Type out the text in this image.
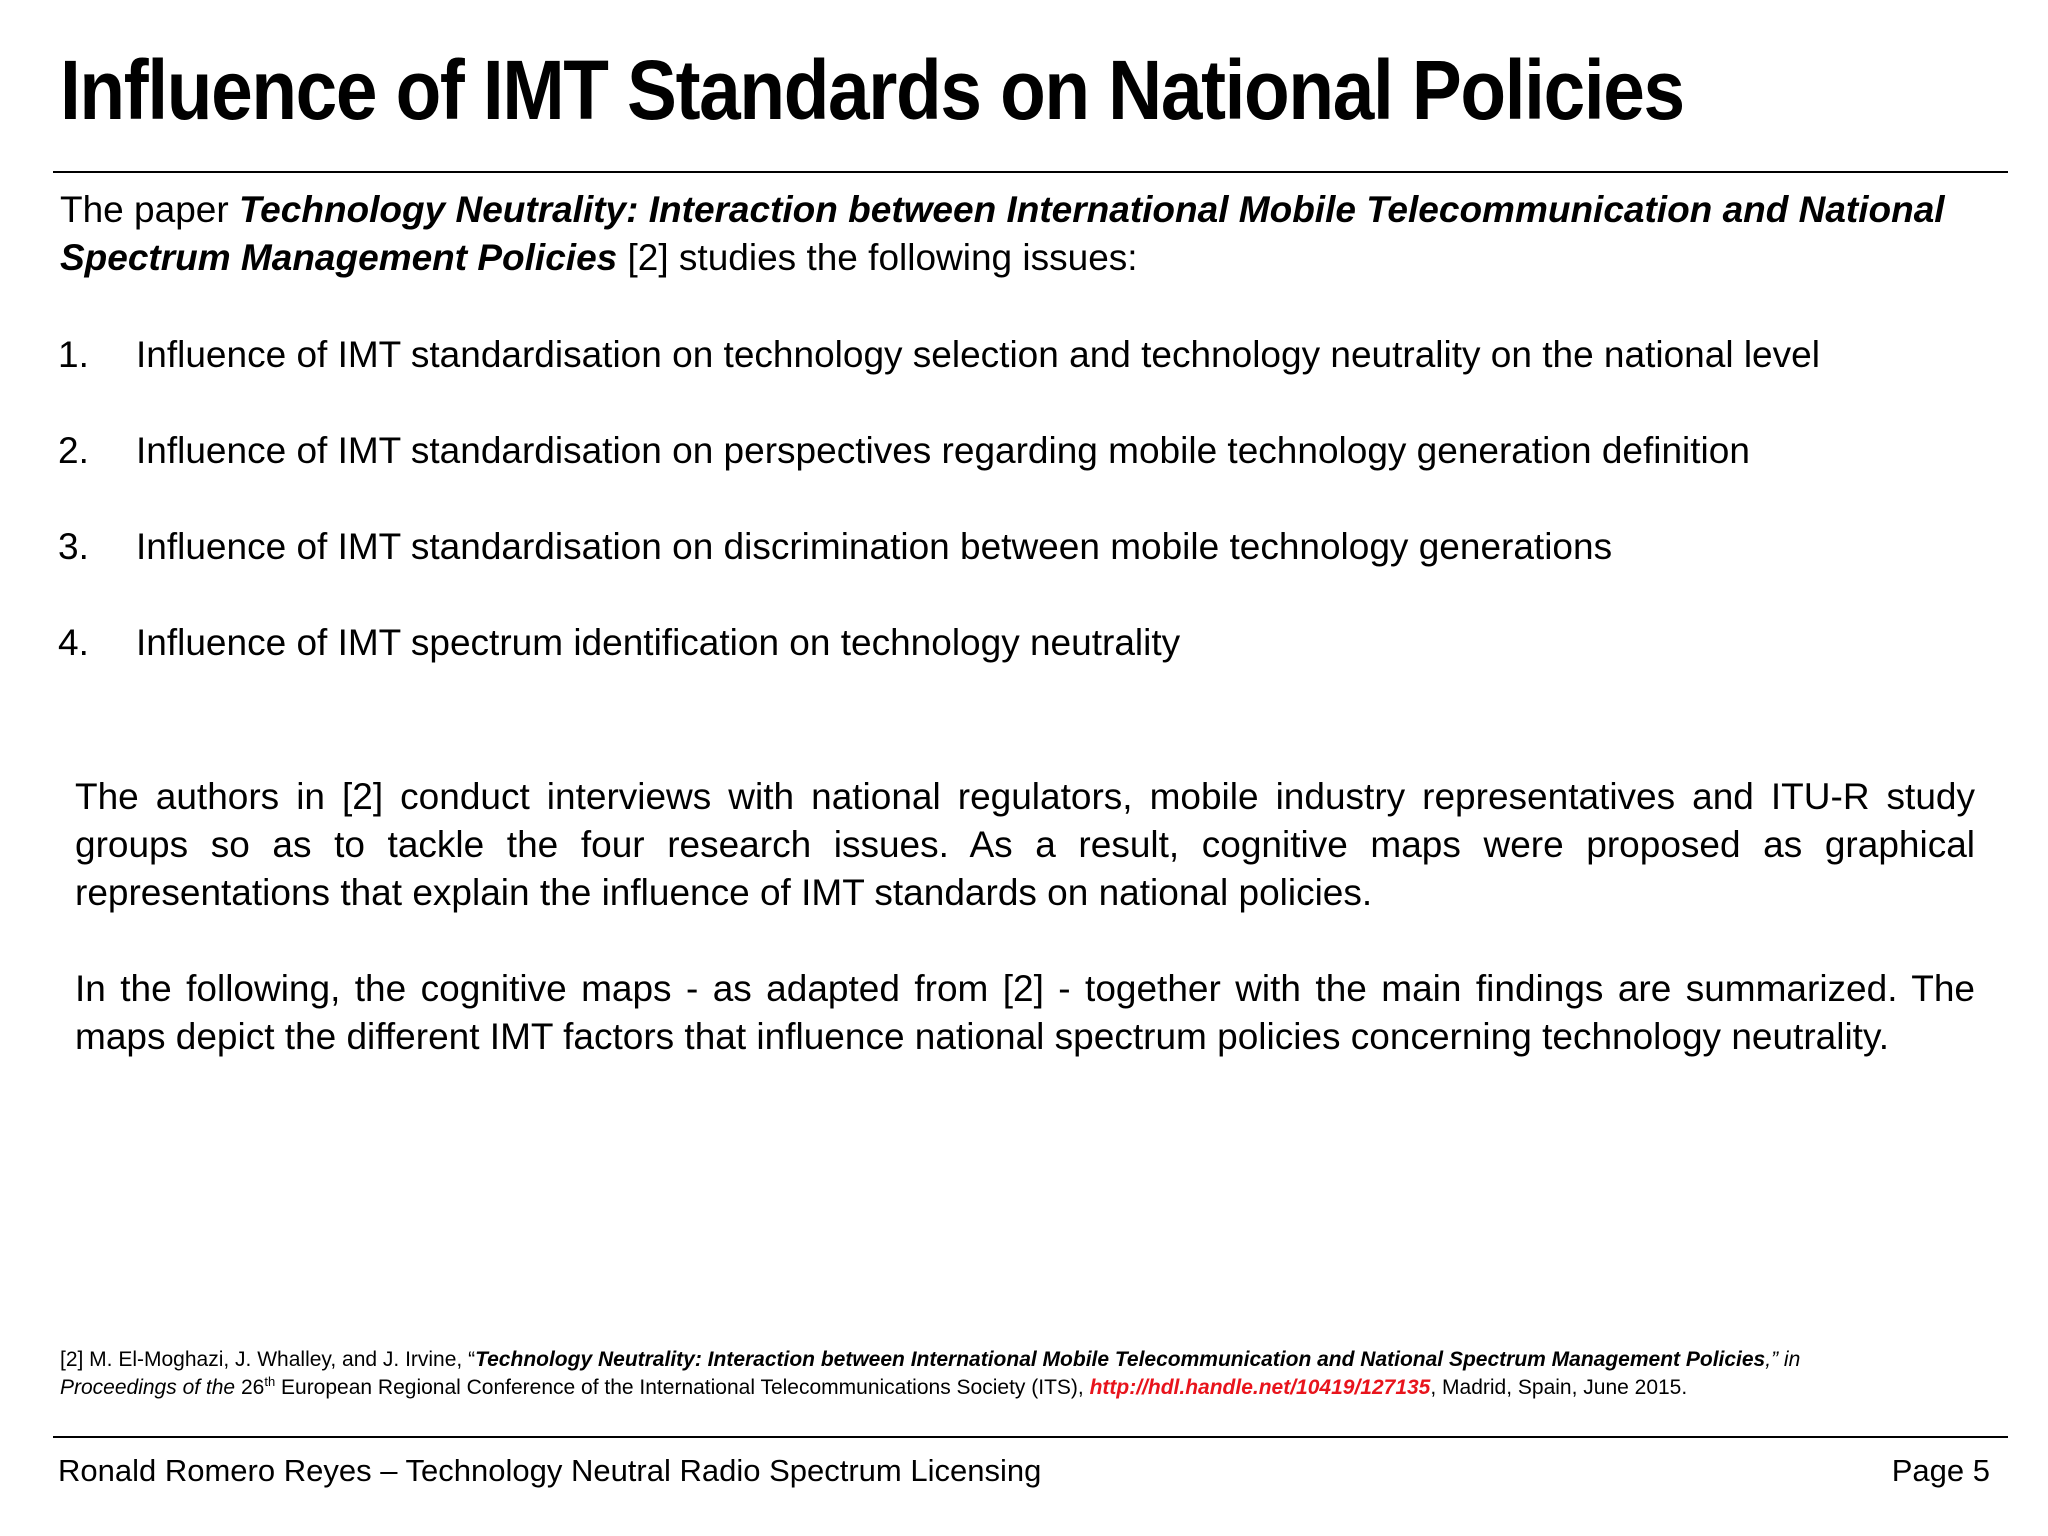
Influence of IMT Standards on National Policies

The paper Technology Neutrality: Interaction between International Mobile Telecommunication and National Spectrum Management Policies [2] studies the following issues:

1. Influence of IMT standardisation on technology selection and technology neutrality on the national level
2. Influence of IMT standardisation on perspectives regarding mobile technology generation definition
3. Influence of IMT standardisation on discrimination between mobile technology generations
4. Influence of IMT spectrum identification on technology neutrality

The authors in [2] conduct interviews with national regulators, mobile industry representatives and ITU-R study groups so as to tackle the four research issues. As a result, cognitive maps were proposed as graphical representations that explain the influence of IMT standards on national policies.

In the following, the cognitive maps - as adapted from [2] - together with the main findings are summarized. The maps depict the different IMT factors that influence national spectrum policies concerning technology neutrality.

[2] M. El-Moghazi, J. Whalley, and J. Irvine, “Technology Neutrality: Interaction between International Mobile Telecommunication and National Spectrum Management Policies,” in
Proceedings of the 26th European Regional Conference of the International Telecommunications Society (ITS), http://hdl.handle.net/10419/127135, Madrid, Spain, June 2015.

Ronald Romero Reyes – Technology Neutral Radio Spectrum Licensing	Page 5
